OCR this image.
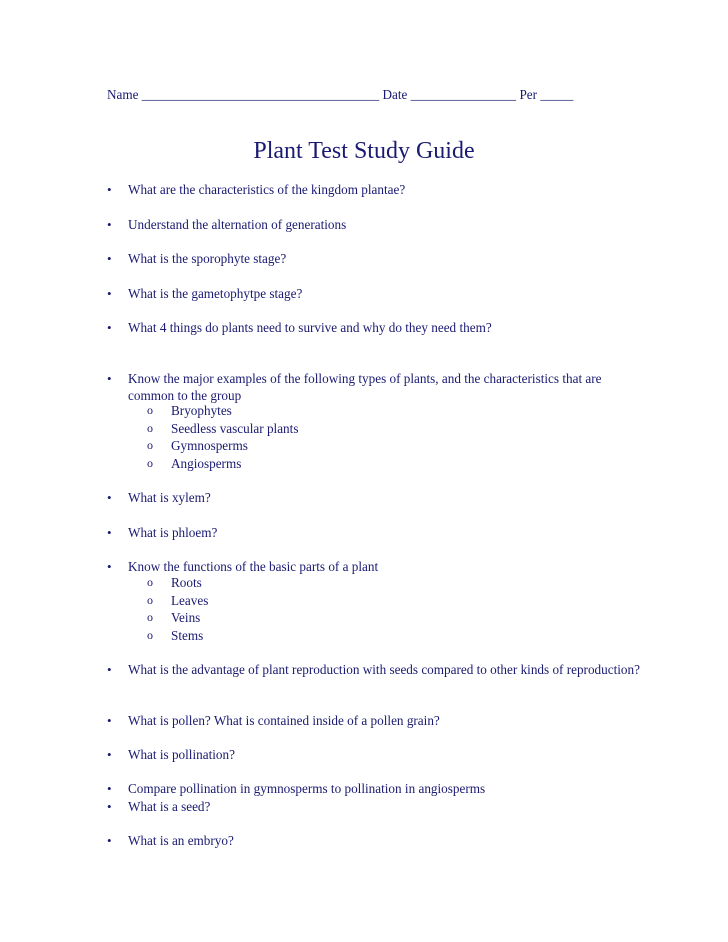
Name ____________________________________ Date ________________ Per _____
Plant Test Study Guide
• What are the characteristics of the kingdom plantae?
• Understand the alternation of generations
• What is the sporophyte stage?
• What is the gametophytpe stage?
• What 4 things do plants need to survive and why do they need them?
• Know the major examples of the following types of plants, and the characteristics that are common to the group
o Bryophytes
o Seedless vascular plants
o Gymnosperms
o Angiosperms
• What is xylem?
• What is phloem?
• Know the functions of the basic parts of a plant
o Roots
o Leaves
o Veins
o Stems
• What is the advantage of plant reproduction with seeds compared to other kinds of reproduction?
• What is pollen? What is contained inside of a pollen grain?
• What is pollination?
• Compare pollination in gymnosperms to pollination in angiosperms
• What is a seed?
• What is an embryo?
